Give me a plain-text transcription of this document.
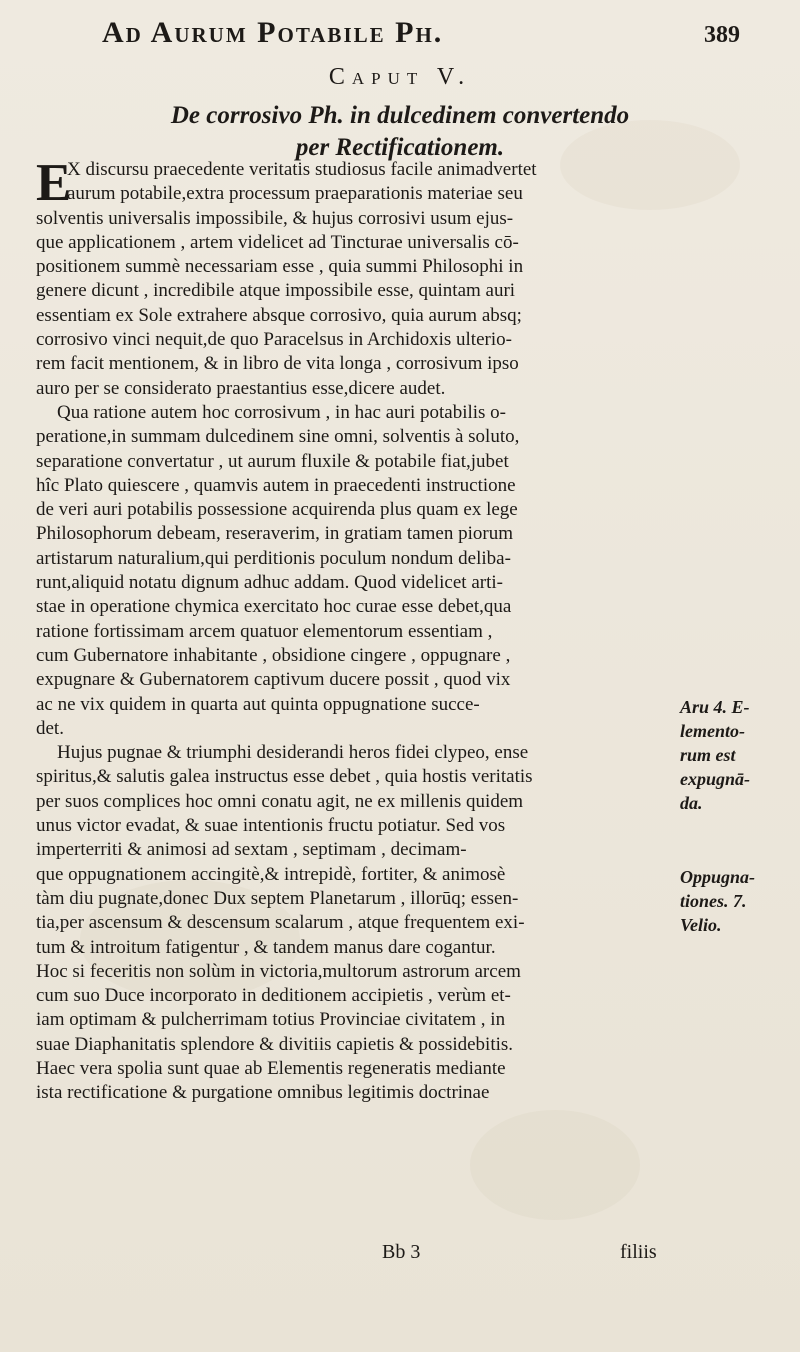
Ad Aurum Potabile Ph.	389
Caput V.
De corrosivo Ph. in dulcedinem convertendo
per Rectificationem.
E
X discursu praecedente veritatis studiosus facile animadvertet
aurum potabile,extra processum praeparationis materiae seu
solventis universalis impossibile, & hujus corrosivi usum ejus-
que applicationem , artem videlicet ad Tincturae universalis cō-
positionem summè necessariam esse , quia summi Philosophi in
genere dicunt , incredibile atque impossibile esse, quintam auri
essentiam ex Sole extrahere absque corrosivo, quia aurum absq;
corrosivo vinci nequit,de quo Paracelsus in Archidoxis ulterio-
rem facit mentionem, & in libro de vita longa , corrosivum ipso
auro per se considerato praestantius esse,dicere audet.
Qua ratione autem hoc corrosivum , in hac auri potabilis o-
peratione,in summam dulcedinem sine omni, solventis à soluto,
separatione convertatur , ut aurum fluxile & potabile fiat,jubet
hîc Plato quiescere , quamvis autem in praecedenti instructione
de veri auri potabilis possessione acquirenda plus quam ex lege
Philosophorum debeam, reseraverim, in gratiam tamen piorum
artistarum naturalium,qui perditionis poculum nondum deliba-
runt,aliquid notatu dignum adhuc addam. Quod videlicet arti-
stae in operatione chymica exercitato hoc curae esse debet,qua
ratione fortissimam arcem quatuor elementorum essentiam ,
cum Gubernatore inhabitante , obsidione cingere , oppugnare ,
expugnare & Gubernatorem captivum ducere possit , quod vix
ac ne vix quidem in quarta aut quinta oppugnatione succe-
det.
Hujus pugnae & triumphi desiderandi heros fidei clypeo, ense
spiritus,& salutis galea instructus esse debet , quia hostis veritatis
per suos complices hoc omni conatu agit, ne ex millenis quidem
unus victor evadat, & suae intentionis fructu potiatur. Sed vos
imperterriti & animosi ad sextam , septimam , decimam-
que oppugnationem accingitè,& intrepidè, fortiter, & animosè
tàm diu pugnate,donec Dux septem Planetarum , illorūq; essen-
tia,per ascensum & descensum scalarum , atque frequentem exi-
tum & introitum fatigentur , & tandem manus dare cogantur.
Hoc si feceritis non solùm in victoria,multorum astrorum arcem
cum suo Duce incorporato in deditionem accipietis , verùm et-
iam optimam & pulcherrimam totius Provinciae civitatem , in
suae Diaphanitatis splendore & divitiis capietis & possidebitis.
Haec vera spolia sunt quae ab Elementis regeneratis mediante
ista rectificatione & purgatione omnibus legitimis doctrinae
Aru 4. E-
lemento-
rum est
expugnā-
da.
Oppugna-
tiones. 7.
Velio.
Bb 3	filiis
